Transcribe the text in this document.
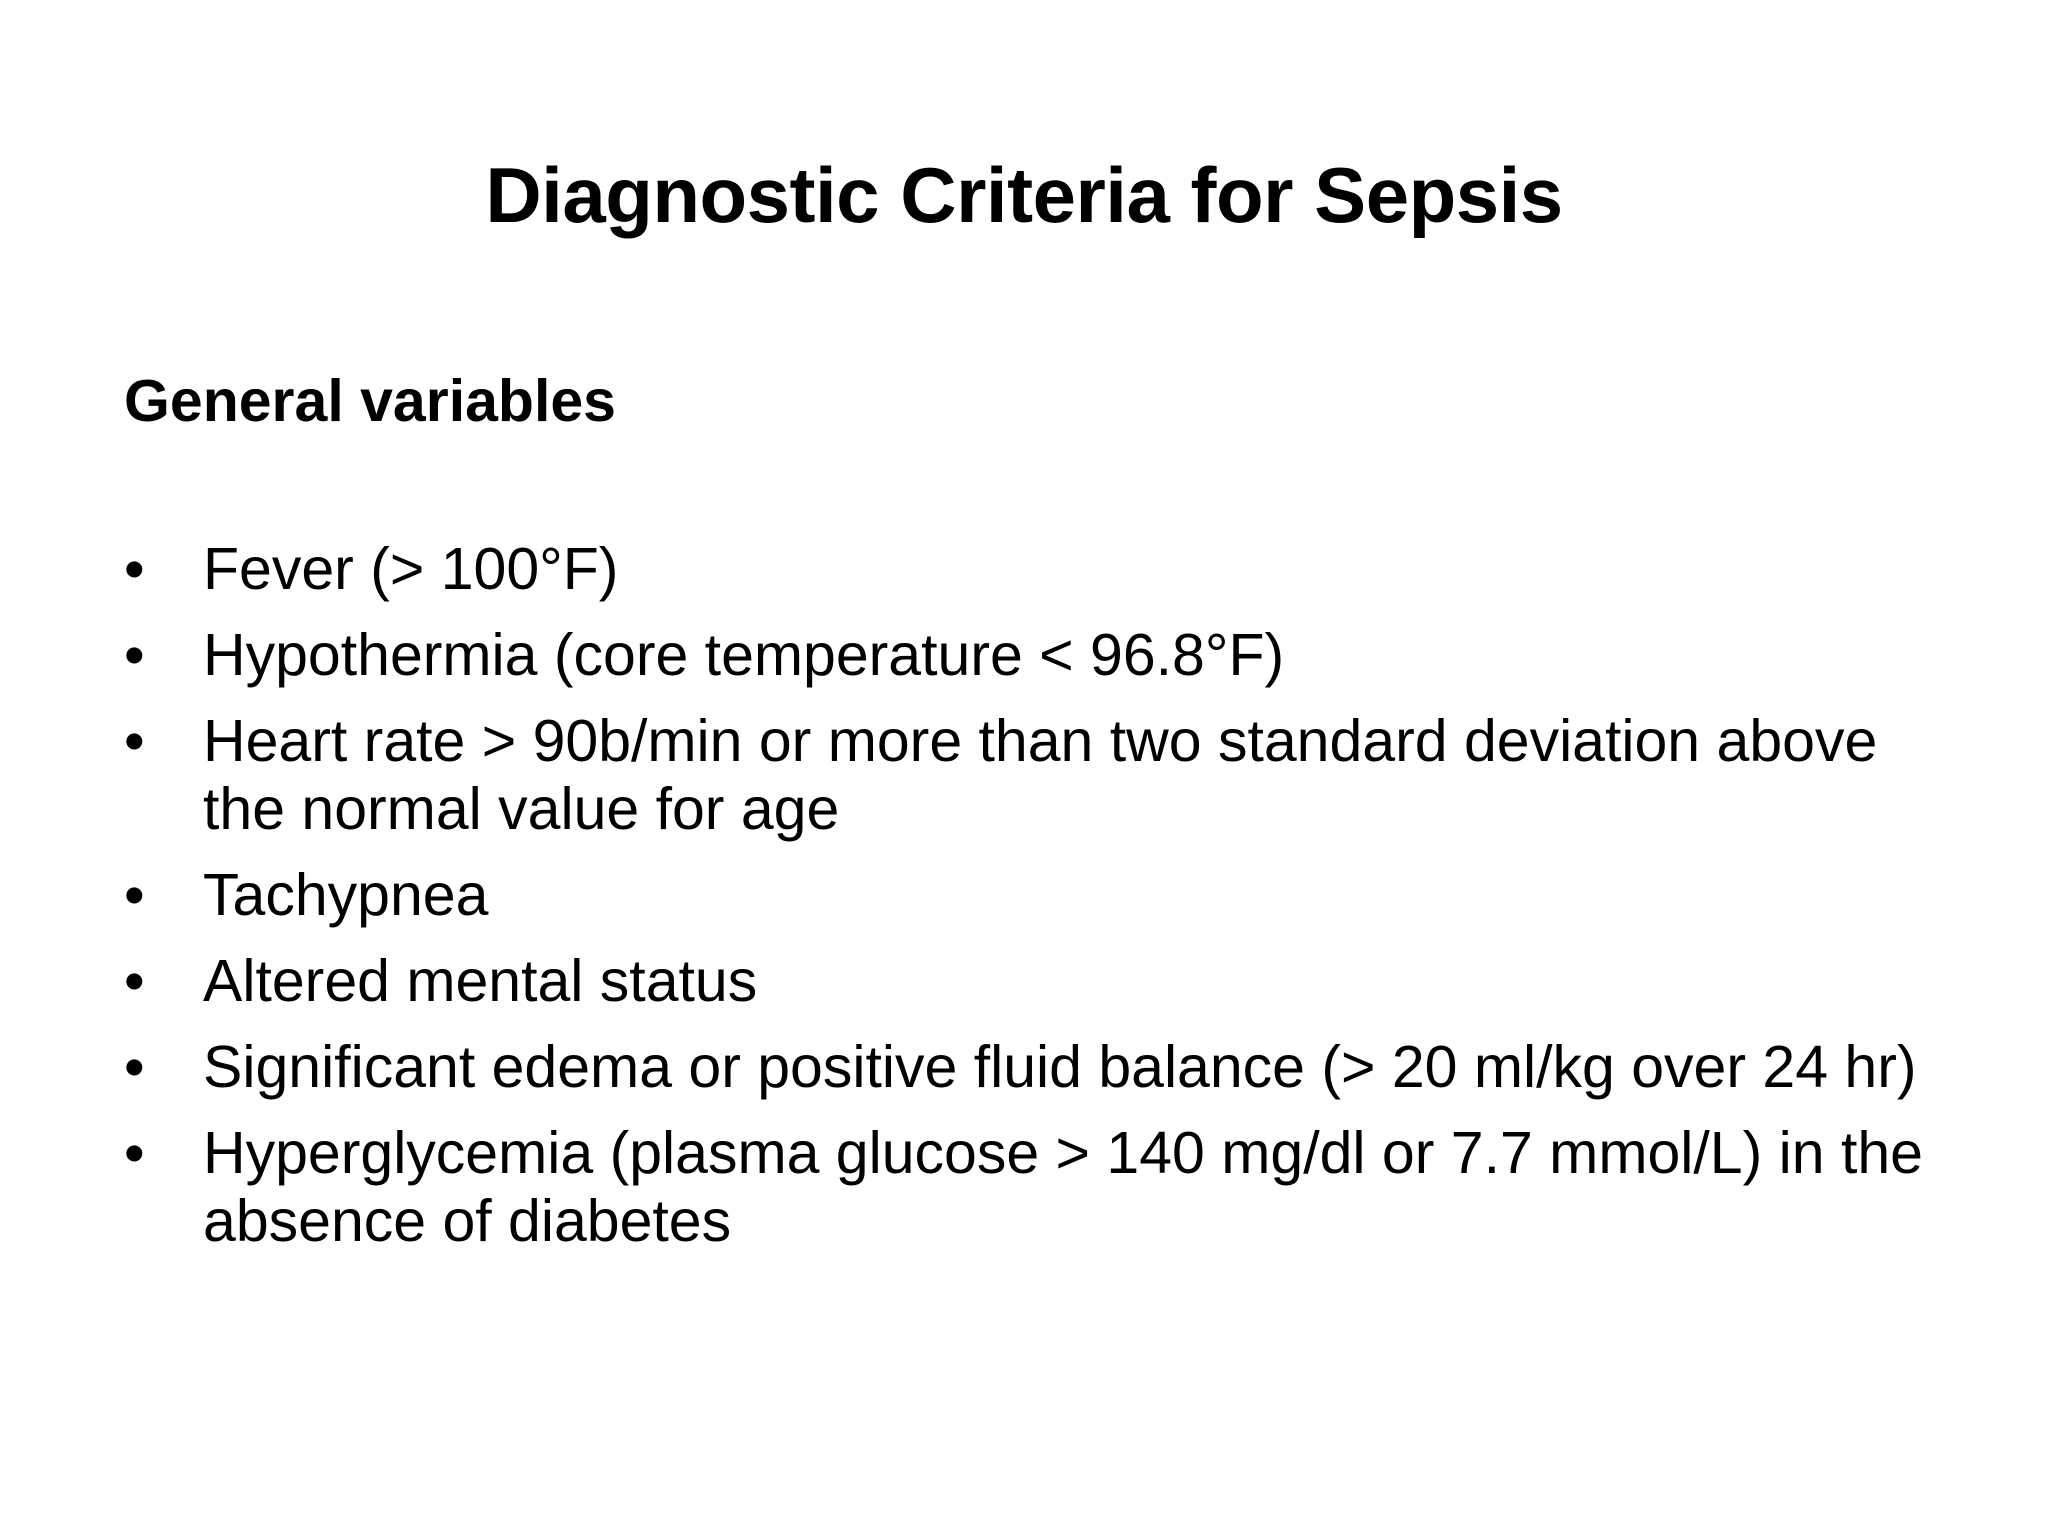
Diagnostic Criteria for Sepsis
General variables
• Fever (> 100°F)
• Hypothermia (core temperature < 96.8°F)
• Heart rate > 90b/min or more than two standard deviation above the normal value for age
• Tachypnea
• Altered mental status
• Significant edema or positive fluid balance (> 20 ml/kg over 24 hr)
• Hyperglycemia (plasma glucose > 140 mg/dl or 7.7 mmol/L) in the absence of diabetes
